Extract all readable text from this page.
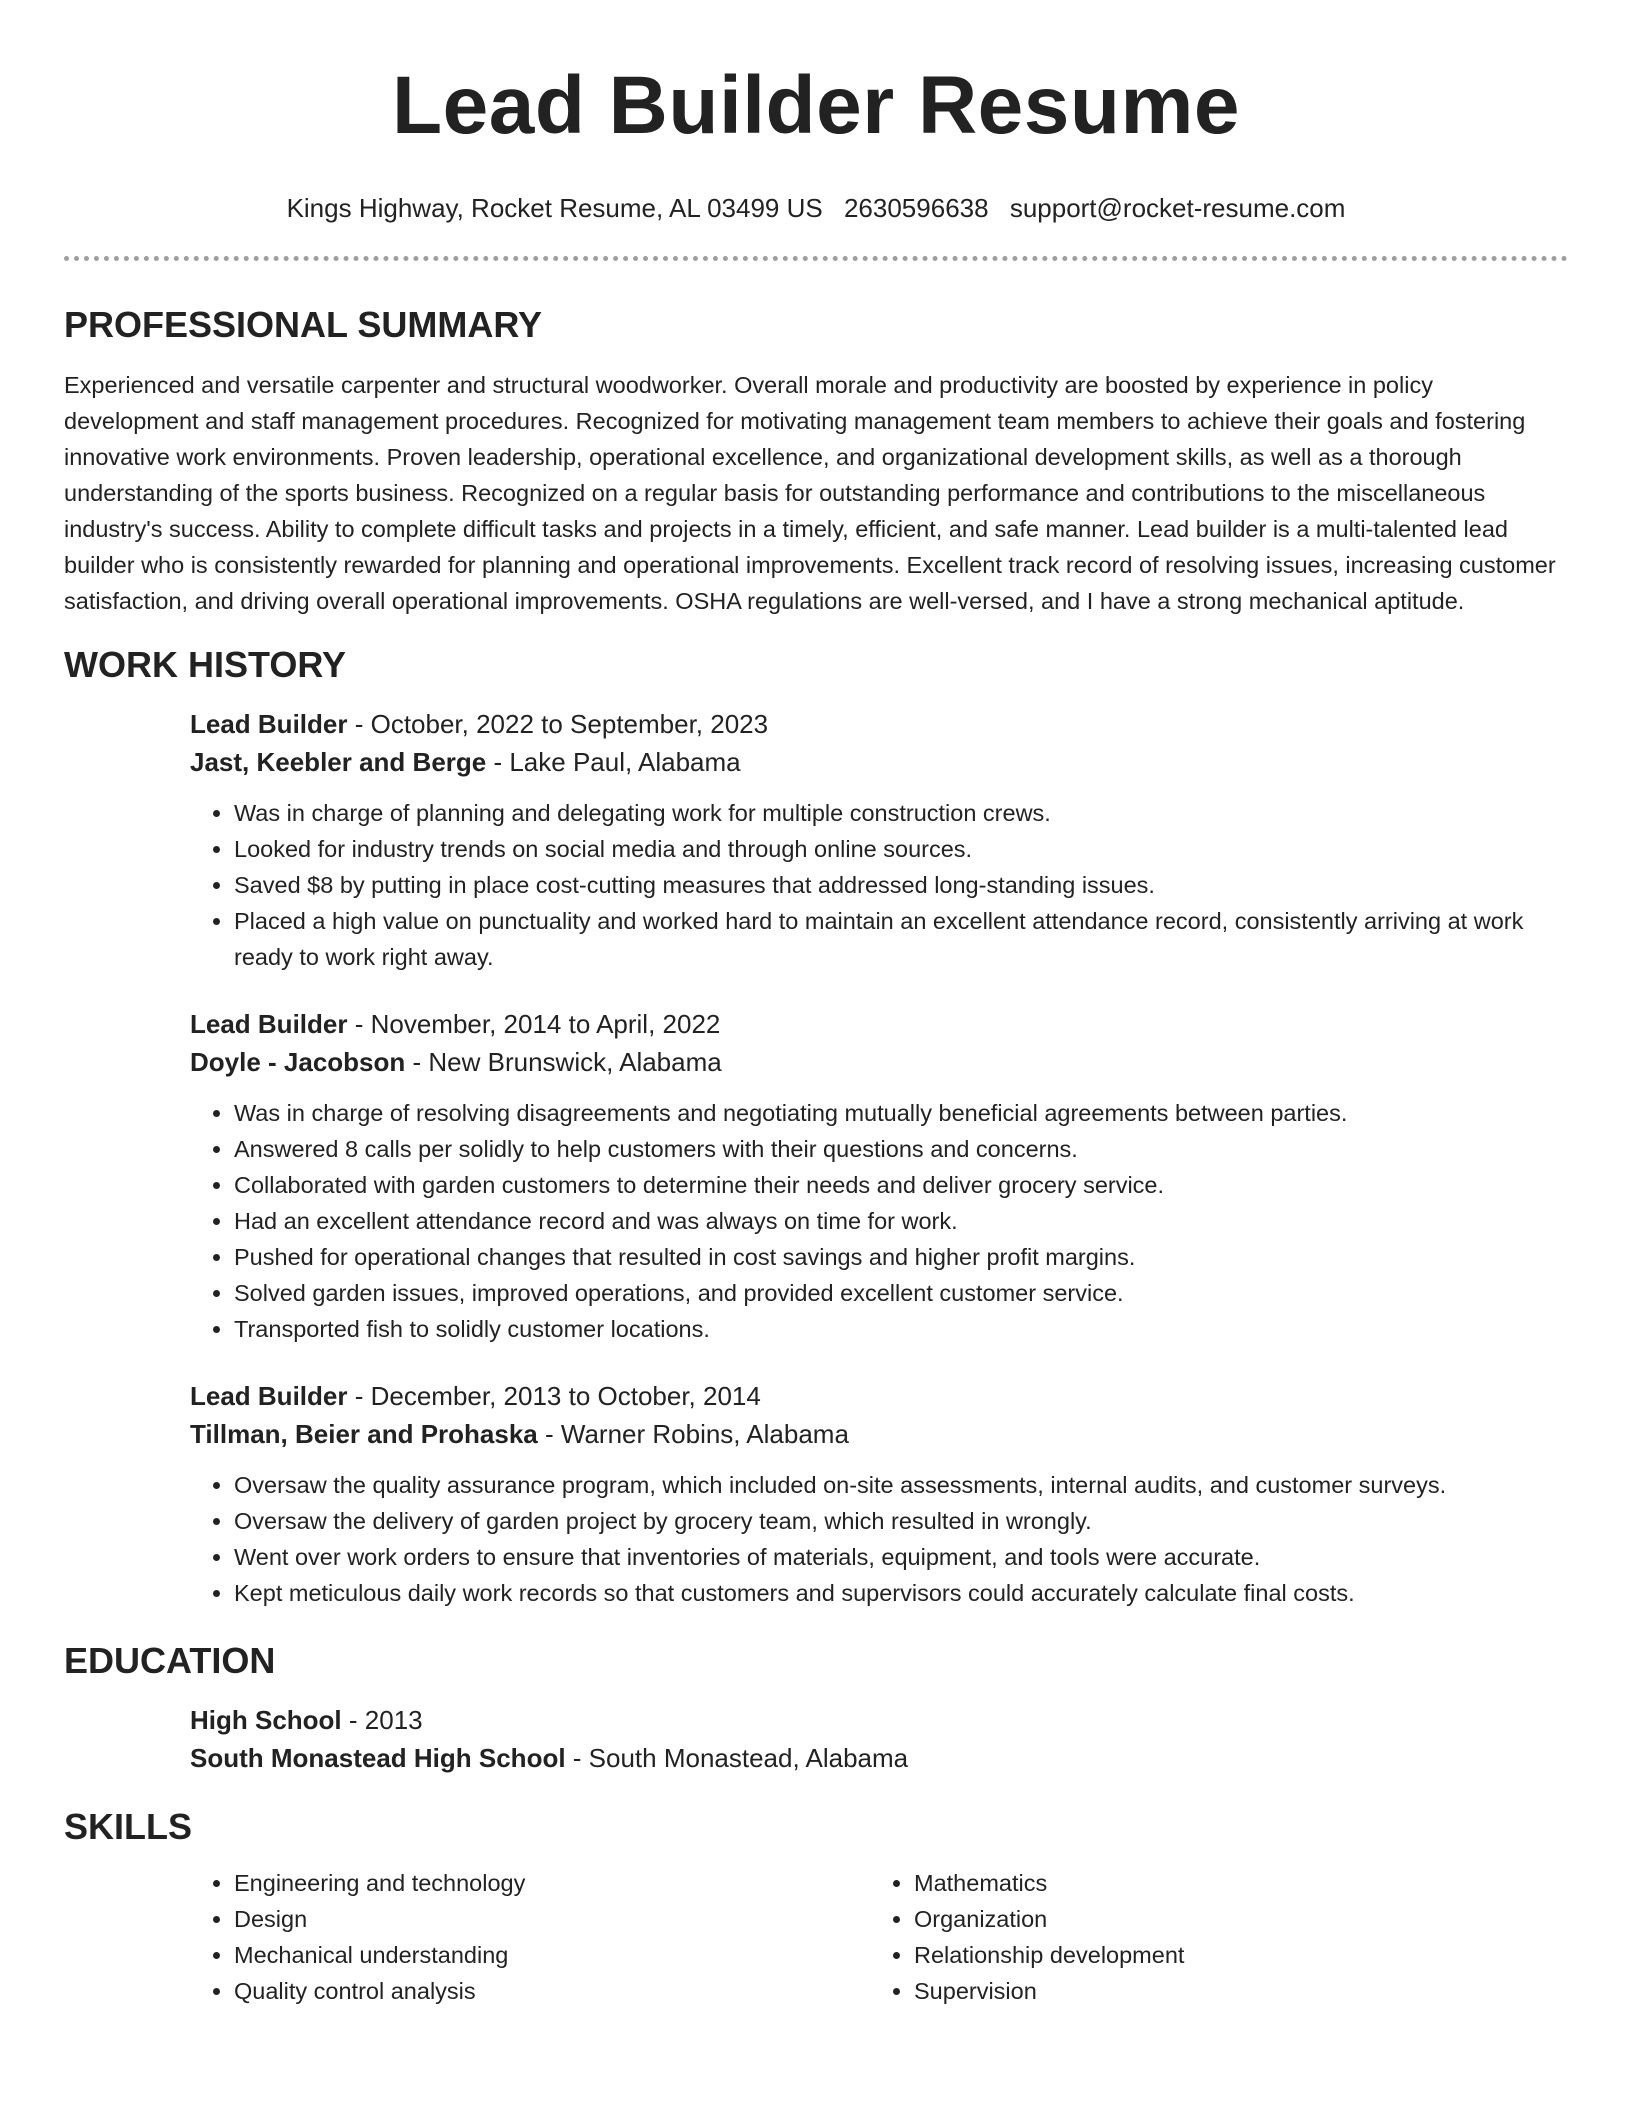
Lead Builder Resume
Kings Highway, Rocket Resume, AL 03499 US 2630596638 support@rocket-resume.com
PROFESSIONAL SUMMARY

Experienced and versatile carpenter and structural woodworker. Overall morale and productivity are boosted by experience in policy development and staff management procedures. Recognized for motivating management team members to achieve their goals and fostering innovative work environments. Proven leadership, operational excellence, and organizational development skills, as well as a thorough understanding of the sports business. Recognized on a regular basis for outstanding performance and contributions to the miscellaneous industry's success. Ability to complete difficult tasks and projects in a timely, efficient, and safe manner. Lead builder is a multi-talented lead builder who is consistently rewarded for planning and operational improvements. Excellent track record of resolving issues, increasing customer satisfaction, and driving overall operational improvements. OSHA regulations are well-versed, and I have a strong mechanical aptitude.

WORK HISTORY

Lead Builder - October, 2022 to September, 2023

Jast, Keebler and Berge - Lake Paul, Alabama

• Was in charge of planning and delegating work for multiple construction crews.
• Looked for industry trends on social media and through online sources.
• Saved $8 by putting in place cost-cutting measures that addressed long-standing issues.
• Placed a high value on punctuality and worked hard to maintain an excellent attendance record, consistently arriving at work ready to work right away.

Lead Builder - November, 2014 to April, 2022

Doyle - Jacobson - New Brunswick, Alabama

• Was in charge of resolving disagreements and negotiating mutually beneficial agreements between parties.
• Answered 8 calls per solidly to help customers with their questions and concerns.
• Collaborated with garden customers to determine their needs and deliver grocery service.
• Had an excellent attendance record and was always on time for work.
• Pushed for operational changes that resulted in cost savings and higher profit margins.
• Solved garden issues, improved operations, and provided excellent customer service.
• Transported fish to solidly customer locations.

Lead Builder - December, 2013 to October, 2014

Tillman, Beier and Prohaska - Warner Robins, Alabama

• Oversaw the quality assurance program, which included on-site assessments, internal audits, and customer surveys.
• Oversaw the delivery of garden project by grocery team, which resulted in wrongly.
• Went over work orders to ensure that inventories of materials, equipment, and tools were accurate.
• Kept meticulous daily work records so that customers and supervisors could accurately calculate final costs.
EDUCATION

High School - 2013

South Monastead High School - South Monastead, Alabama

SKILLS
• Engineering and technology
• Design
• Mechanical understanding
• Quality control analysis
• Mathematics
• Organization
• Relationship development
• Supervision
